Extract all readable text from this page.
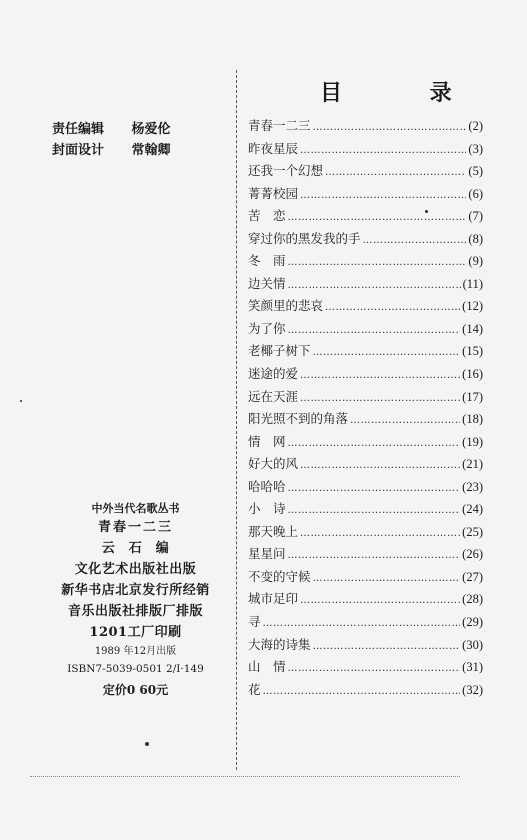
责任编辑 杨爱伦
封面设计 常翰卿
中外当代名歌丛书
青春一二三
云　石　编
文化艺术出版社出版
新华书店北京发行所经销
音乐出版社排版厂排版
1201工厂印刷
1989 年12月出版
ISBN7-5039-0501 2/I·149
定价0 60元
目 录
青春一二三 …………………………………………………………………………	(2)
昨夜星辰 …………………………………………………………………………	(3)
还我一个幻想 …………………………………………………………………………	(5)
菁菁校园 …………………………………………………………………………	(6)
苦　恋 …………………………………………………………………………	(7)
穿过你的黑发我的手 …………………………………………………………………………	(8)
冬　雨 …………………………………………………………………………	(9)
边关情 …………………………………………………………………………	(11)
笑颜里的悲哀 …………………………………………………………………………	(12)
为了你 …………………………………………………………………………	(14)
老椰子树下 …………………………………………………………………………	(15)
迷途的爱 …………………………………………………………………………	(16)
远在天涯 …………………………………………………………………………	(17)
阳光照不到的角落 …………………………………………………………………………	(18)
情　网 …………………………………………………………………………	(19)
好大的风 …………………………………………………………………………	(21)
哈哈哈 …………………………………………………………………………	(23)
小　诗 …………………………………………………………………………	(24)
那天晚上 …………………………………………………………………………	(25)
星星问 …………………………………………………………………………	(26)
不变的守候 …………………………………………………………………………	(27)
城市足印 …………………………………………………………………………	(28)
寻 …………………………………………………………………………	(29)
大海的诗集 …………………………………………………………………………	(30)
山　情 …………………………………………………………………………	(31)
花 …………………………………………………………………………	(32)
